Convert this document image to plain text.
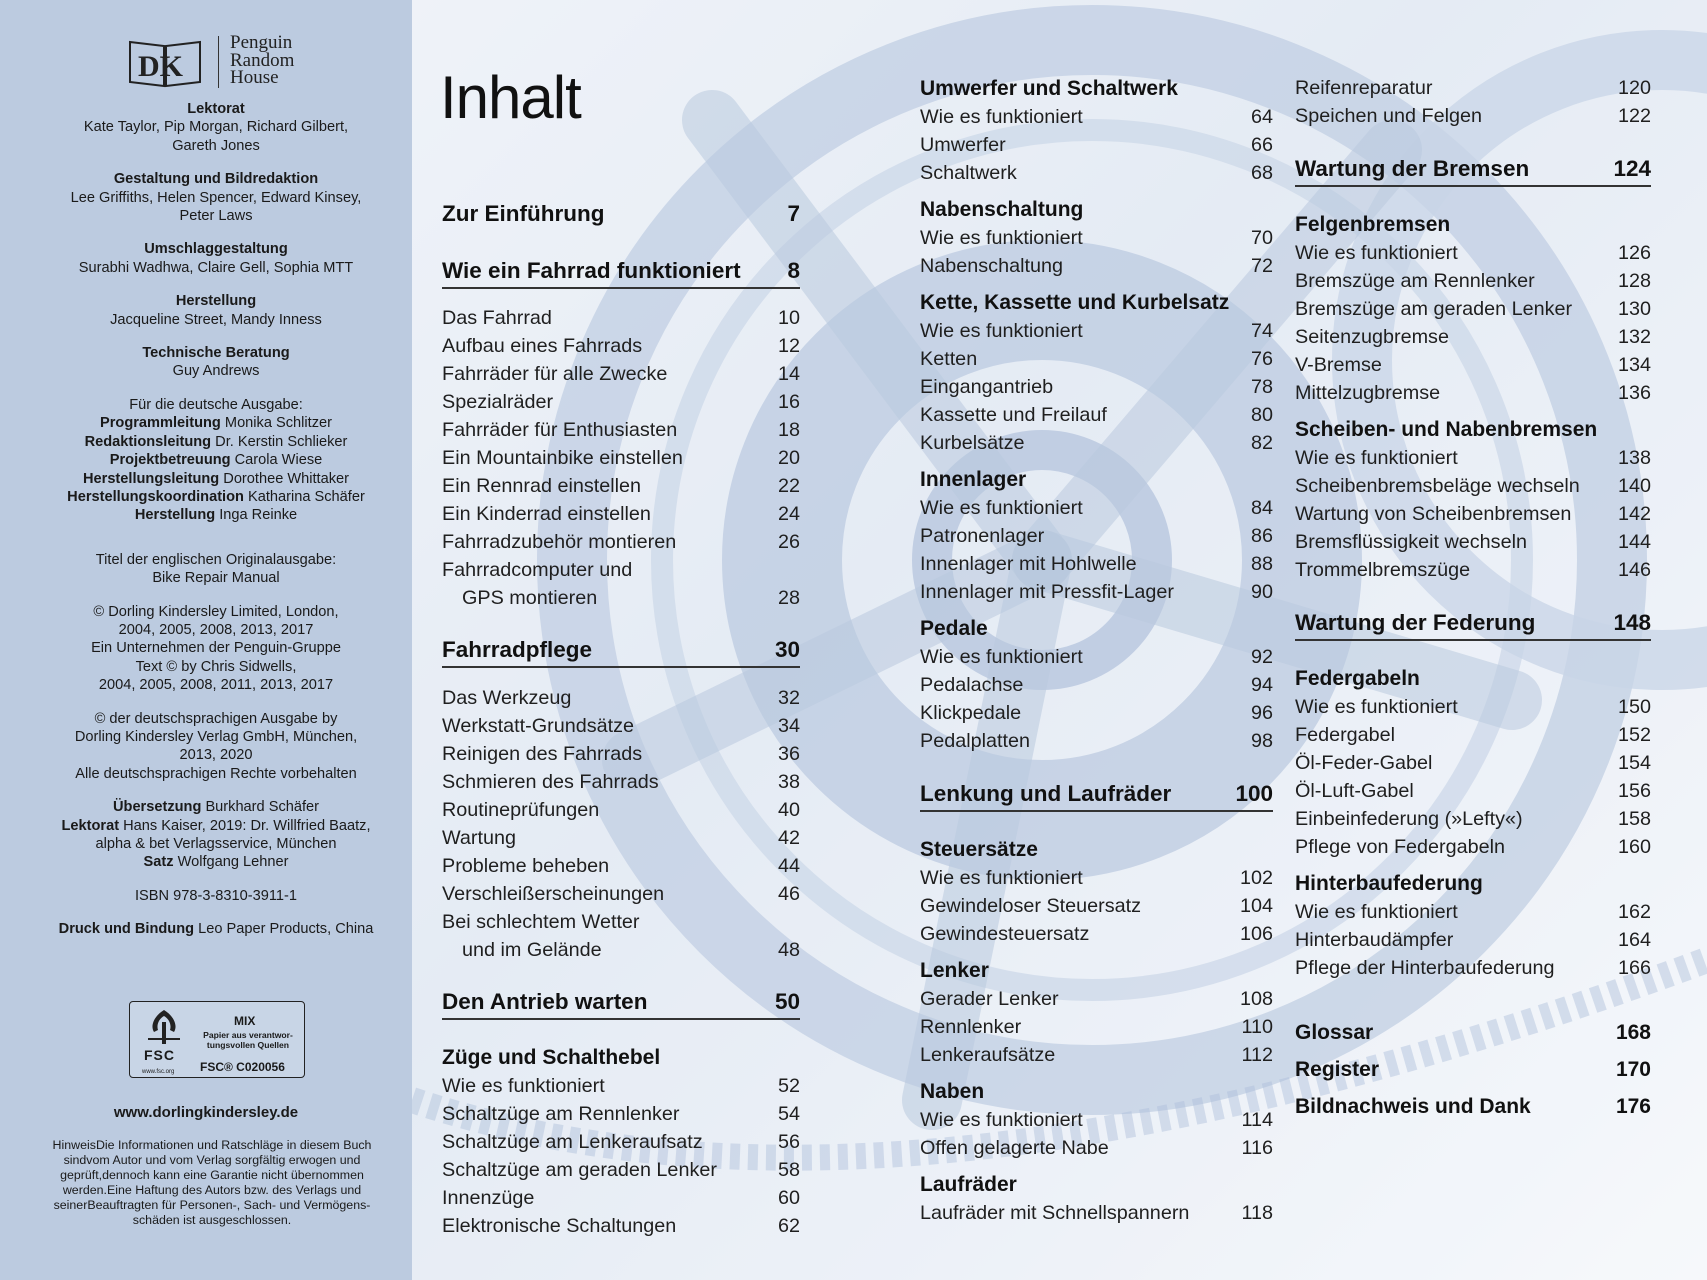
DK
Penguin
Random
House
Lektorat
Kate Taylor, Pip Morgan, Richard Gilbert,
Gareth Jones
Gestaltung und Bildredaktion
Lee Griffiths, Helen Spencer, Edward Kinsey,
Peter Laws
Umschlaggestaltung
Surabhi Wadhwa, Claire Gell, Sophia MTT
Herstellung
Jacqueline Street, Mandy Inness
Technische Beratung
Guy Andrews
Für die deutsche Ausgabe:
Programmleitung Monika Schlitzer
Redaktionsleitung Dr. Kerstin Schlieker
Projektbetreuung Carola Wiese
Herstellungsleitung Dorothee Whittaker
Herstellungskoordination Katharina Schäfer
Herstellung Inga Reinke
Titel der englischen Originalausgabe:
Bike Repair Manual
© Dorling Kindersley Limited, London,
2004, 2005, 2008, 2013, 2017
Ein Unternehmen der Penguin-Gruppe
Text © by Chris Sidwells,
2004, 2005, 2008, 2011, 2013, 2017
© der deutschsprachigen Ausgabe by
Dorling Kindersley Verlag GmbH, München,
2013, 2020
Alle deutschsprachigen Rechte vorbehalten
Übersetzung Burkhard Schäfer
Lektorat Hans Kaiser, 2019: Dr. Willfried Baatz,
alpha & bet Verlagsservice, München
Satz Wolfgang Lehner
ISBN 978-3-8310-3911-1
Druck und Bindung Leo Paper Products, China
FSC
www.fsc.org
MIX
Papier aus verantwor-tungsvollen Quellen
FSC® C020056
www.dorlingkindersley.de
HinweisDie Informationen und Ratschläge in diesem Buch sindvom Autor und vom Verlag sorgfältig erwogen und geprüft,dennoch kann eine Garantie nicht übernommen werden.Eine Haftung des Autors bzw. des Verlags und seinerBeauftragten für Personen-, Sach- und Vermögens-schäden ist ausgeschlossen.
Inhalt
Zur Einführung	7
Wie ein Fahrrad funktioniert 8
Das Fahrrad	10
Aufbau eines Fahrrads	12
Fahrräder für alle Zwecke	14
Spezialräder	16
Fahrräder für Enthusiasten	18
Ein Mountainbike einstellen	20
Ein Rennrad einstellen	22
Ein Kinderrad einstellen	24
Fahrradzubehör montieren	26
Fahrradcomputer und
GPS montieren	28
Fahrradpflege	30
Das Werkzeug	32
Werkstatt-Grundsätze	34
Reinigen des Fahrrads	36
Schmieren des Fahrrads	38
Routineprüfungen	40
Wartung	42
Probleme beheben	44
Verschleißerscheinungen	46
Bei schlechtem Wetter
und im Gelände	48
Den Antrieb warten	50
Züge und Schalthebel
Wie es funktioniert	52
Schaltzüge am Rennlenker	54
Schaltzüge am Lenkeraufsatz	56
Schaltzüge am geraden Lenker	58
Innenzüge	60
Elektronische Schaltungen	62
Umwerfer und Schaltwerk
Wie es funktioniert	64
Umwerfer	66
Schaltwerk	68
Nabenschaltung
Wie es funktioniert	70
Nabenschaltung	72
Kette, Kassette und Kurbelsatz
Wie es funktioniert	74
Ketten	76
Eingangantrieb	78
Kassette und Freilauf	80
Kurbelsätze	82
Innenlager
Wie es funktioniert	84
Patronenlager	86
Innenlager mit Hohlwelle	88
Innenlager mit Pressfit-Lager	90
Pedale
Wie es funktioniert	92
Pedalachse	94
Klickpedale	96
Pedalplatten	98
Lenkung und Laufräder	100
Steuersätze
Wie es funktioniert	102
Gewindeloser Steuersatz	104
Gewindesteuersatz	106
Lenker
Gerader Lenker	108
Rennlenker	110
Lenkeraufsätze	112
Naben
Wie es funktioniert	114
Offen gelagerte Nabe	116
Laufräder
Laufräder mit Schnellspannern	118
Reifenreparatur	120
Speichen und Felgen	122
Wartung der Bremsen	124
Felgenbremsen
Wie es funktioniert	126
Bremszüge am Rennlenker	128
Bremszüge am geraden Lenker 130
Seitenzugbremse	132
V-Bremse	134
Mittelzugbremse	136
Scheiben- und Nabenbremsen
Wie es funktioniert	138
Scheibenbremsbeläge wechseln 140
Wartung von Scheibenbremsen 142
Bremsflüssigkeit wechseln	144
Trommelbremszüge	146
Wartung der Federung	148
Federgabeln
Wie es funktioniert	150
Federgabel	152
Öl-Feder-Gabel	154
Öl-Luft-Gabel	156
Einbeinfederung (»Lefty«)	158
Pflege von Federgabeln	160
Hinterbaufederung
Wie es funktioniert	162
Hinterbaudämpfer	164
Pflege der Hinterbaufederung	166
Glossar	168
Register	170
Bildnachweis und Dank	176
